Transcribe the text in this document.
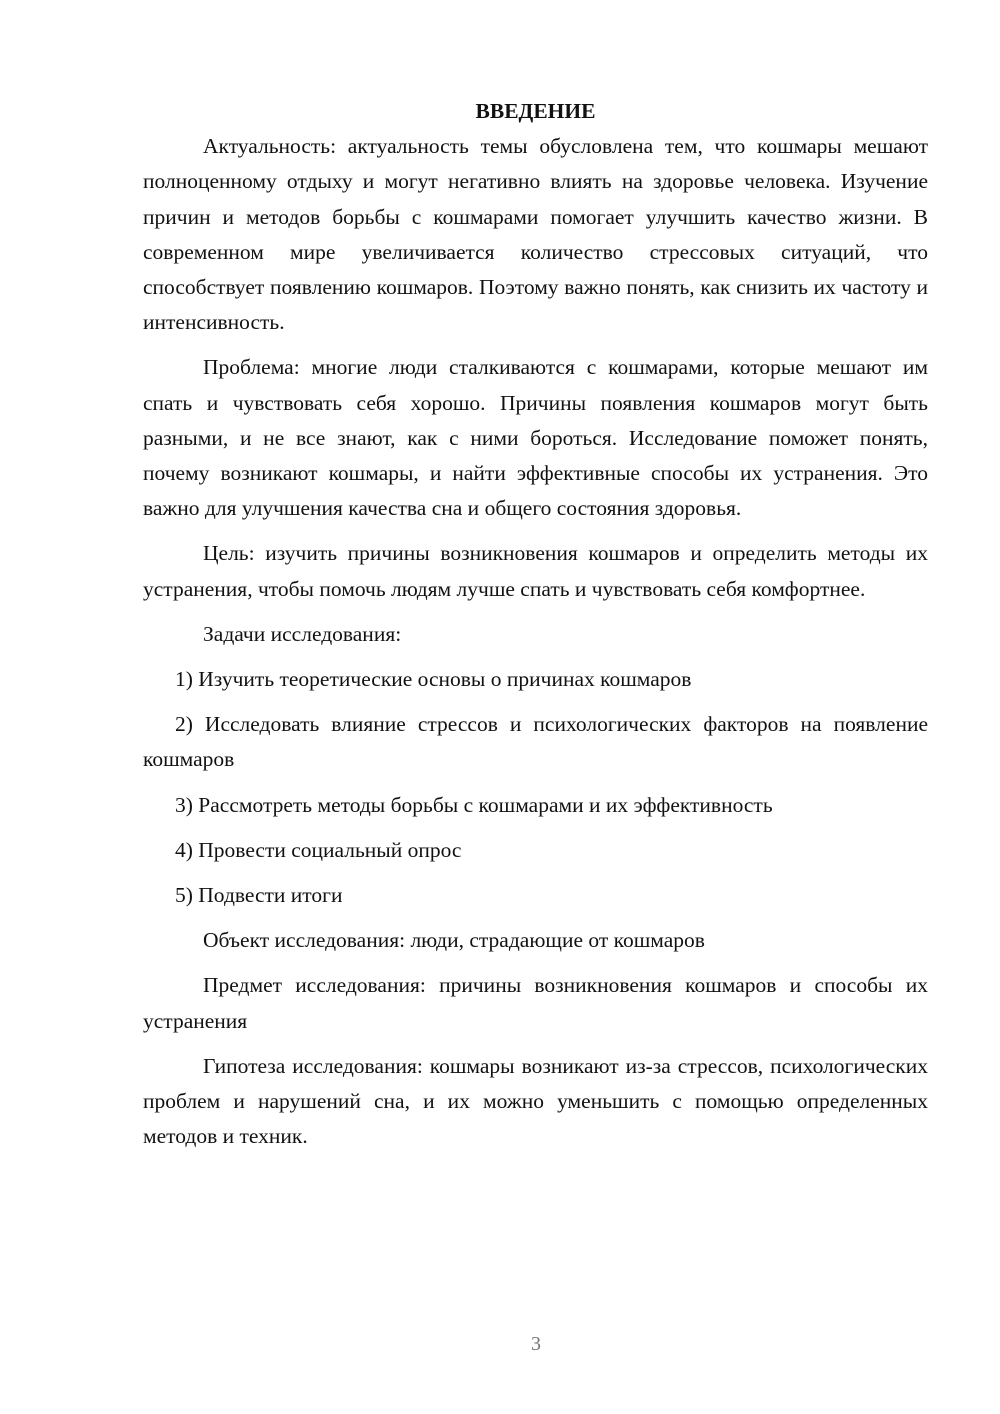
ВВЕДЕНИЕ

Актуальность: актуальность темы обусловлена тем, что кошмары мешают полноценному отдыху и могут негативно влиять на здоровье человека. Изучение причин и методов борьбы с кошмарами помогает улучшить качество жизни. В современном мире увеличивается количество стрессовых ситуаций, что способствует появлению кошмаров. Поэтому важно понять, как снизить их частоту и интенсивность.

Проблема: многие люди сталкиваются с кошмарами, которые мешают им спать и чувствовать себя хорошо. Причины появления кошмаров могут быть разными, и не все знают, как с ними бороться. Исследование поможет понять, почему возникают кошмары, и найти эффективные способы их устранения. Это важно для улучшения качества сна и общего состояния здоровья.

Цель: изучить причины возникновения кошмаров и определить методы их устранения, чтобы помочь людям лучше спать и чувствовать себя комфортнее.

Задачи исследования:

1) Изучить теоретические основы о причинах кошмаров

2) Исследовать влияние стрессов и психологических факторов на появление кошмаров

3) Рассмотреть методы борьбы с кошмарами и их эффективность

4) Провести социальный опрос

5) Подвести итоги

Объект исследования: люди, страдающие от кошмаров

Предмет исследования: причины возникновения кошмаров и способы их устранения

Гипотеза исследования: кошмары возникают из-за стрессов, психологических проблем и нарушений сна, и их можно уменьшить с помощью определенных методов и техник.

3
